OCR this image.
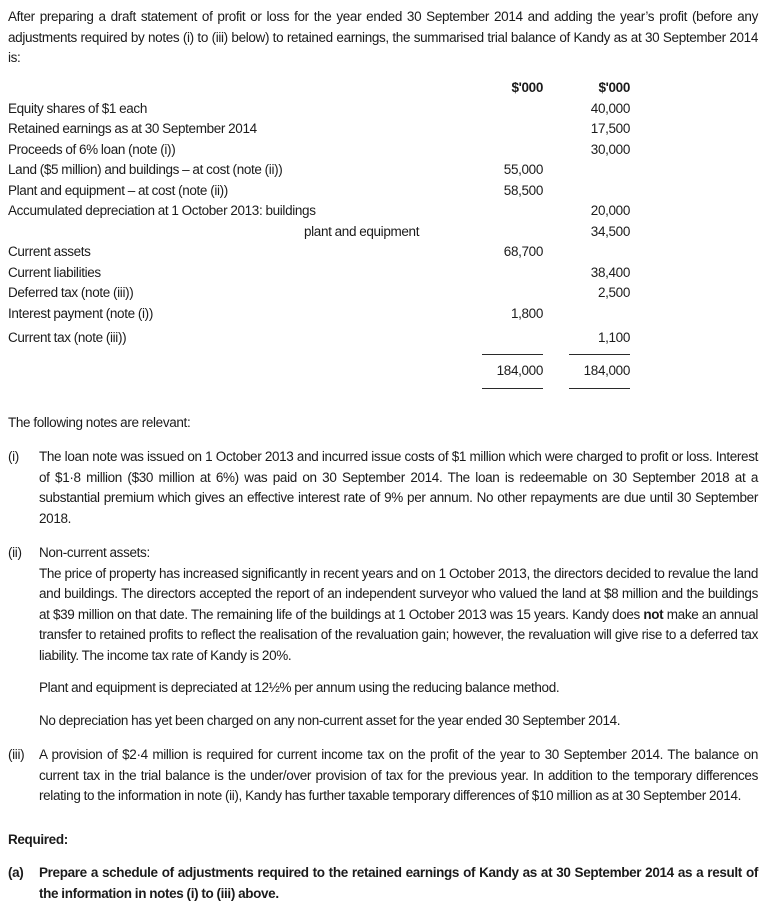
After preparing a draft statement of profit or loss for the year ended 30 September 2014 and adding the year’s profit (before any adjustments required by notes (i) to (iii) below) to retained earnings, the summarised trial balance of Kandy as at 30 September 2014 is:

	$'000	$'000
Equity shares of $1 each		40,000
Retained earnings as at 30 September 2014		17,500
Proceeds of 6% loan (note (i))		30,000
Land ($5 million) and buildings – at cost (note (ii))	55,000	
Plant and equipment – at cost (note (ii))	58,500	
Accumulated depreciation at 1 October 2013: buildings		20,000
plant and equipment		34,500
Current assets	68,700	
Current liabilities		38,400
Deferred tax (note (iii))		2,500
Interest payment (note (i))	1,800	

Current tax (note (iii))		1,100

	184,000	184,000

The following notes are relevant:

(i)	The loan note was issued on 1 October 2013 and incurred issue costs of $1 million which were charged to profit or loss. Interest of $1·8 million ($30 million at 6%) was paid on 30 September 2014. The loan is redeemable on 30 September 2018 at a substantial premium which gives an effective interest rate of 9% per annum. No other repayments are due until 30 September 2018.

(ii)	Non-current assets:

The price of property has increased significantly in recent years and on 1 October 2013, the directors decided to revalue the land and buildings. The directors accepted the report of an independent surveyor who valued the land at $8 million and the buildings at $39 million on that date. The remaining life of the buildings at 1 October 2013 was 15 years. Kandy does not make an annual transfer to retained profits to reflect the realisation of the revaluation gain; however, the revaluation will give rise to a deferred tax liability. The income tax rate of Kandy is 20%.

Plant and equipment is depreciated at 12½% per annum using the reducing balance method.

No depreciation has yet been charged on any non-current asset for the year ended 30 September 2014.

(iii)	A provision of $2·4 million is required for current income tax on the profit of the year to 30 September 2014. The balance on current tax in the trial balance is the under/over provision of tax for the previous year. In addition to the temporary differences relating to the information in note (ii), Kandy has further taxable temporary differences of $10 million as at 30 September 2014.

Required:

(a)	Prepare a schedule of adjustments required to the retained earnings of Kandy as at 30 September 2014 as a result of the information in notes (i) to (iii) above.
